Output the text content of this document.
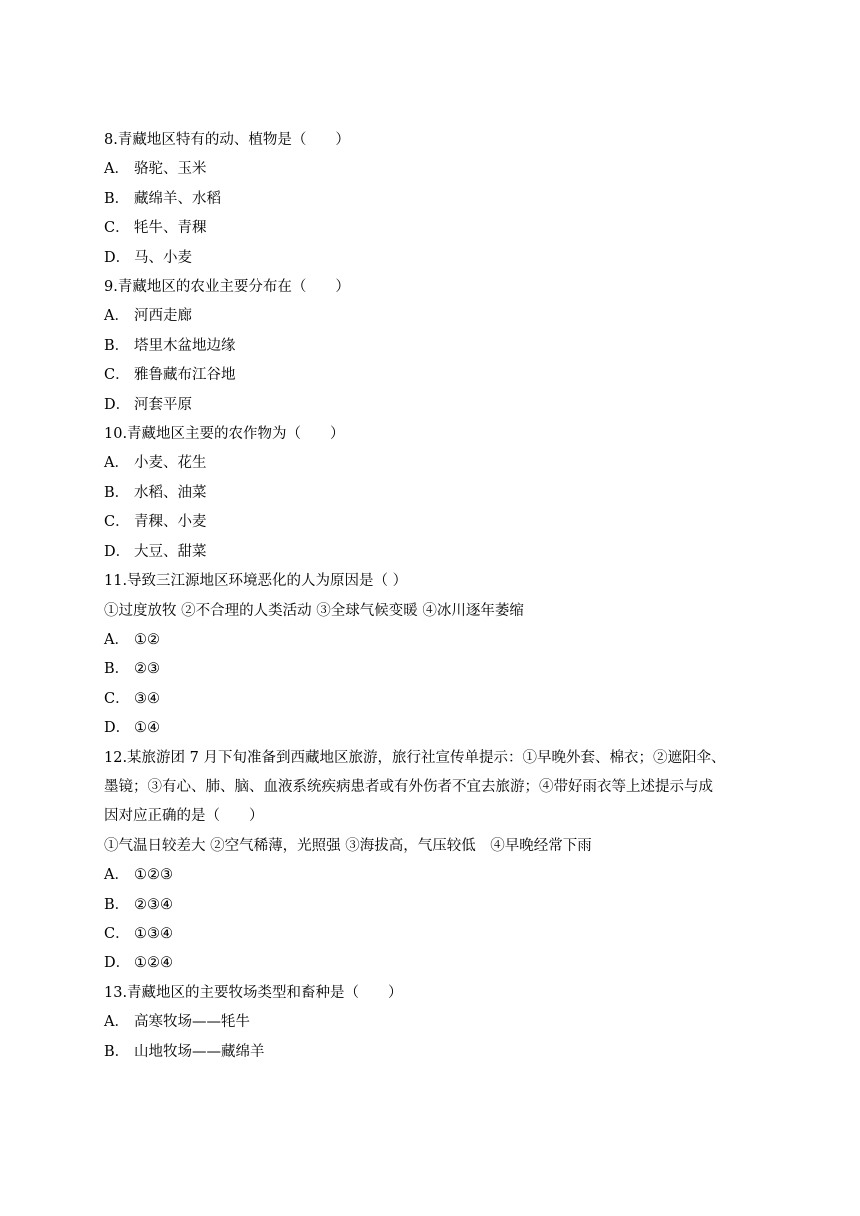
8.青藏地区特有的动、植物是（　　）
A． 骆驼、玉米
B． 藏绵羊、水稻
C． 牦牛、青稞
D． 马、小麦
9.青藏地区的农业主要分布在（　　）
A． 河西走廊
B． 塔里木盆地边缘
C． 雅鲁藏布江谷地
D． 河套平原
10.青藏地区主要的农作物为（　　）
A． 小麦、花生
B． 水稻、油菜
C． 青稞、小麦
D． 大豆、甜菜
11.导致三江源地区环境恶化的人为原因是（ ）
①过度放牧 ②不合理的人类活动 ③全球气候变暖 ④冰川逐年萎缩
A． ①②
B． ②③
C． ③④
D． ①④
12.某旅游团 7 月下旬准备到西藏地区旅游，旅行社宣传单提示：①早晚外套、棉衣；②遮阳伞、
墨镜；③有心、肺、脑、血液系统疾病患者或有外伤者不宜去旅游；④带好雨衣等上述提示与成
因对应正确的是（　　）
①气温日较差大 ②空气稀薄，光照强 ③海拔高，气压较低　④早晚经常下雨
A． ①②③
B． ②③④
C． ①③④
D． ①②④
13.青藏地区的主要牧场类型和畜种是（　　）
A． 高寒牧场——牦牛
B． 山地牧场——藏绵羊
